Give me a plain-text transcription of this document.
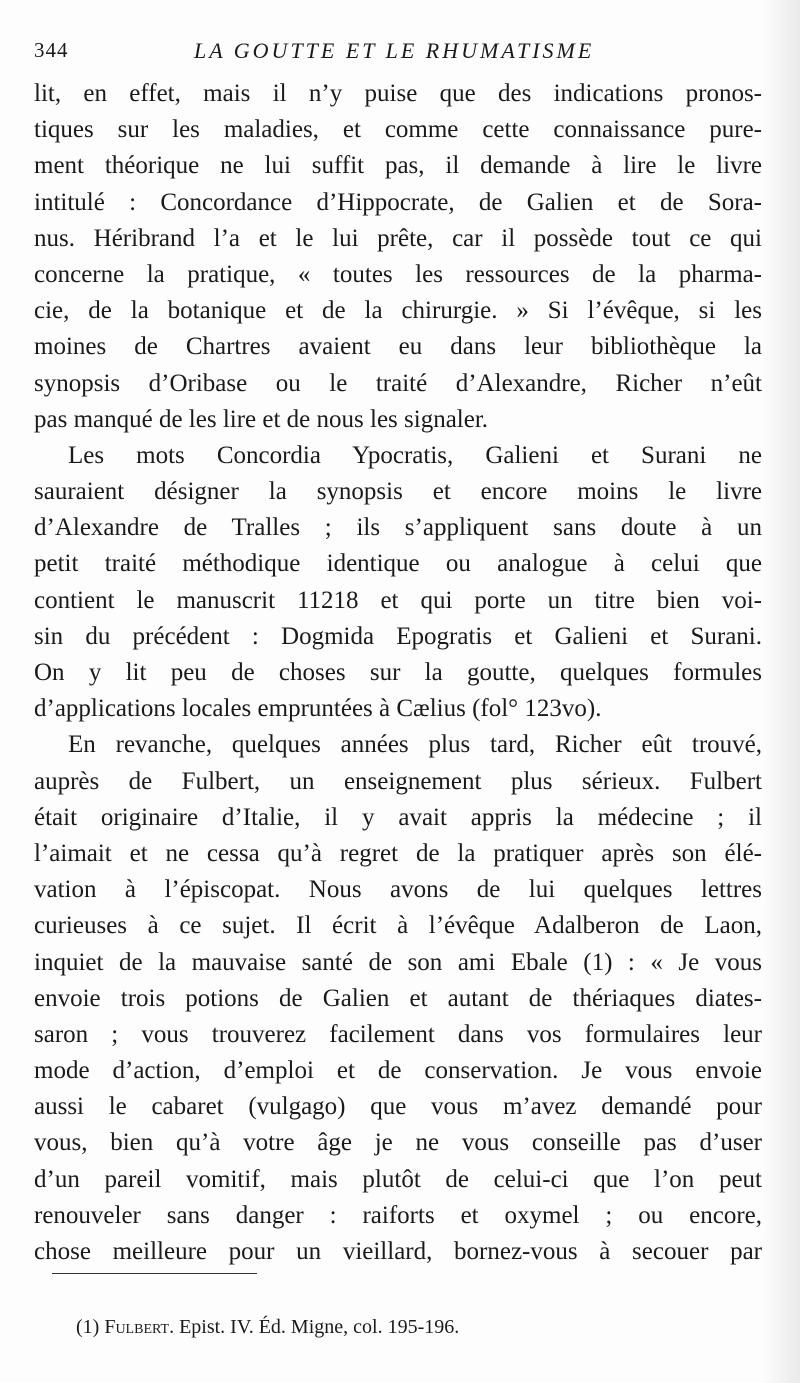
344	LA GOUTTE ET LE RHUMATISME
lit, en effet, mais il n’y puise que des indications pronos-
tiques sur les maladies, et comme cette connaissance pure-
ment théorique ne lui suffit pas, il demande à lire le livre
intitulé : Concordance d’Hippocrate, de Galien et de Sora-
nus. Héribrand l’a et le lui prête, car il possède tout ce qui
concerne la pratique, « toutes les ressources de la pharma-
cie, de la botanique et de la chirurgie. » Si l’évêque, si les
moines de Chartres avaient eu dans leur bibliothèque la
synopsis d’Oribase ou le traité d’Alexandre, Richer n’eût
pas manqué de les lire et de nous les signaler.
Les mots Concordia Ypocratis, Galieni et Surani ne
sauraient désigner la synopsis et encore moins le livre
d’Alexandre de Tralles ; ils s’appliquent sans doute à un
petit traité méthodique identique ou analogue à celui que
contient le manuscrit 11218 et qui porte un titre bien voi-
sin du précédent : Dogmida Epogratis et Galieni et Surani.
On y lit peu de choses sur la goutte, quelques formules
d’applications locales empruntées à Cælius (fol° 123vo).
En revanche, quelques années plus tard, Richer eût trouvé,
auprès de Fulbert, un enseignement plus sérieux. Fulbert
était originaire d’Italie, il y avait appris la médecine ; il
l’aimait et ne cessa qu’à regret de la pratiquer après son élé-
vation à l’épiscopat. Nous avons de lui quelques lettres
curieuses à ce sujet. Il écrit à l’évêque Adalberon de Laon,
inquiet de la mauvaise santé de son ami Ebale (1) : « Je vous
envoie trois potions de Galien et autant de thériaques diates-
saron ; vous trouverez facilement dans vos formulaires leur
mode d’action, d’emploi et de conservation. Je vous envoie
aussi le cabaret (vulgago) que vous m’avez demandé pour
vous, bien qu’à votre âge je ne vous conseille pas d’user
d’un pareil vomitif, mais plutôt de celui-ci que l’on peut
renouveler sans danger : raiforts et oxymel ; ou encore,
chose meilleure pour un vieillard, bornez-vous à secouer par
(1) Fulbert. Epist. IV. Éd. Migne, col. 195-196.
